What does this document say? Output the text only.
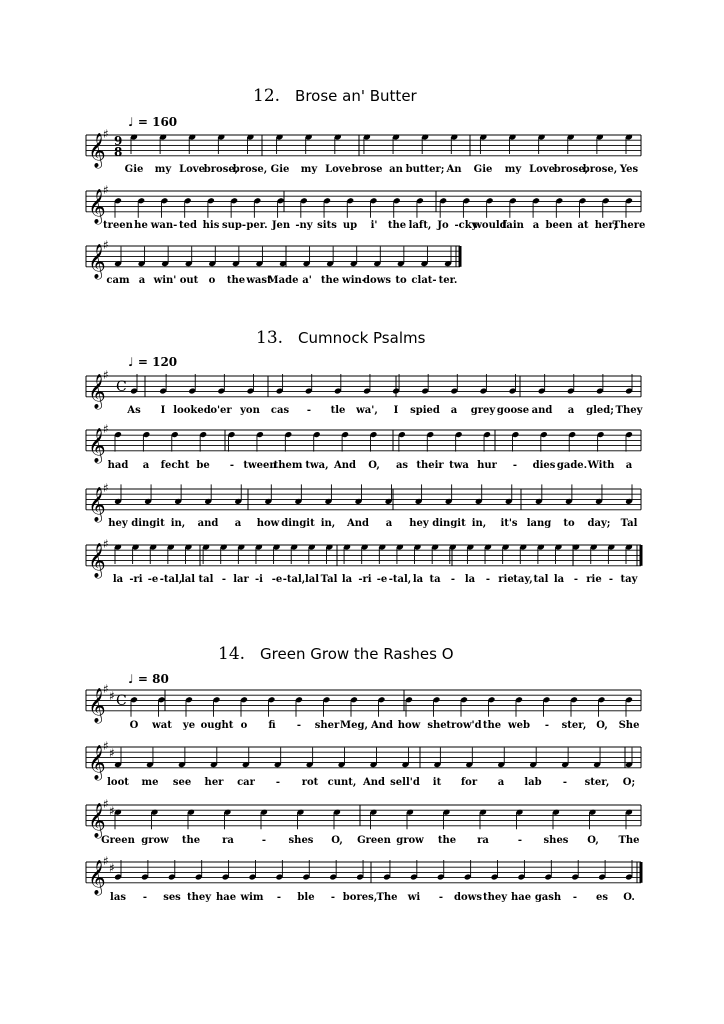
𝄞
♯ 9
8
𝄞
♯
𝄞
♯
𝄞
♯
C
𝄞
♯
𝄞
♯
𝄞
♯
𝄞
♯ ♯ C
𝄞
♯ ♯
𝄞
♯ ♯
𝄞
♯ ♯
12. Brose an' Butter
♩ = 160
13. Cumnock Psalms
♩ = 120
14. Green Grow the Rashes O
♩ = 80
Gie my Love
brose,
brose, Gie my Love brose an butter; An Gie my Love
brose,
brose, Yes
treen he wan- ted his sup- per. Jen -ny sits up i' the laft, Jo -cky
would
fain a been at her;
There
cam a win' out o the wast
Made a' the win-
dows to clat- ter.
As I looked o'er yon cas - tle wa', I spied a grey goose and a gled; They
had a fecht be - tween
them twa, And O, as their twa hur - dies gade. With a
hey dingit in, and a how dingit in, And a hey dingit in, it's lang to day; Tal
la -ri -e -tal,
lal tal - lar -i -e -tal, lal Tal la -ri -e -tal, la ta - la - rie tay, tal la - rie - tay
O wat ye ought o fi - sher Meg, And how she trow'd the web - ster, O, She
loot me see her car - rot cunt, And sell'd it for a lab - ster, O;
Green grow the ra	- shes O, Green grow the ra	- shes O, The
las - ses they hae wim - ble - bores, The wi - dows they hae gash - es O.
